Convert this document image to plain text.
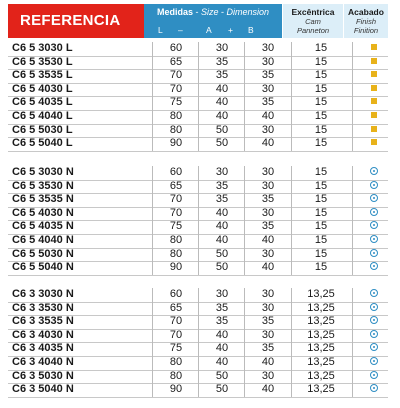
REFERENCIA	Medidas - Size - Dimension
L –	A + B
Excêntrica
Cam
Panneton
Acabado
Finish
Finition
C6 5 3030 L	60	30	30	15
C6 5 3530 L	65	35	30	15
C6 5 3535 L	70	35	35	15
C6 5 4030 L	70	40	30	15
C6 5 4035 L	75	40	35	15
C6 5 4040 L	80	40	40	15
C6 5 5030 L	80	50	30	15
C6 5 5040 L	90	50	40	15
C6 5 3030 N	60	30	30	15
C6 5 3530 N	65	35	30	15
C6 5 3535 N	70	35	35	15
C6 5 4030 N	70	40	30	15
C6 5 4035 N	75	40	35	15
C6 5 4040 N	80	40	40	15
C6 5 5030 N	80	50	30	15
C6 5 5040 N	90	50	40	15
C6 3 3030 N	60	30	30	13,25
C6 3 3530 N	65	35	30	13,25
C6 3 3535 N	70	35	35	13,25
C6 3 4030 N	70	40	30	13,25
C6 3 4035 N	75	40	35	13,25
C6 3 4040 N	80	40	40	13,25
C6 3 5030 N	80	50	30	13,25
C6 3 5040 N	90	50	40	13,25
